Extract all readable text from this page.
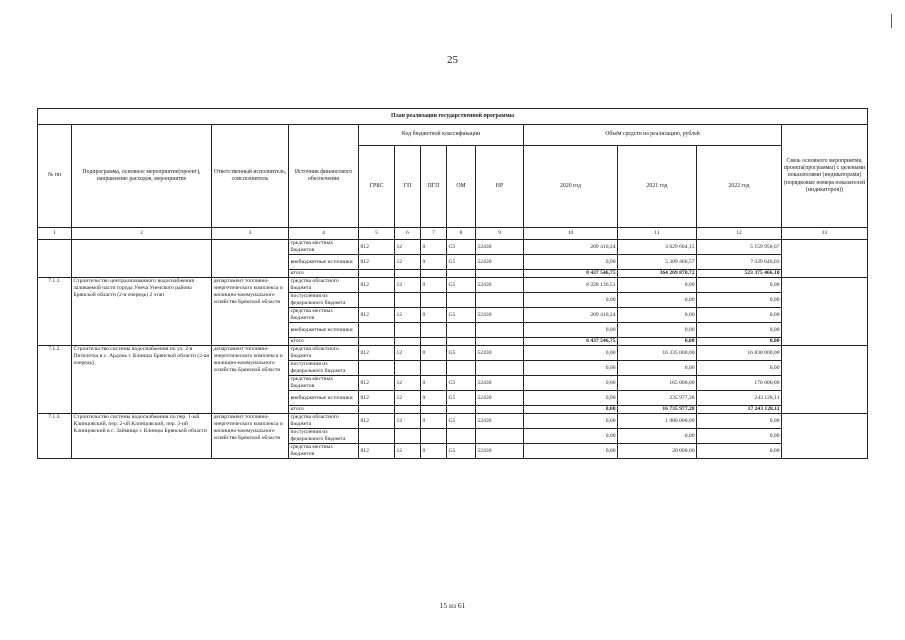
25
План реализации государственной программы												
№ пп	Подпрограмма, основное мероприятие(проект), направление расходов, мероприятие	Ответственный исполнитель, соисполнитель	Источник финансового обеспечения	Код бюджетной классификации					Объём средств на реализацию, рублей			Связь основного мероприятия, проекта(программы) с целевыми показателями (индикаторами) (порядковые номера показателей (индикаторов))
				ГРБС	ГП	ПГП	ОМ	НР	2020 год	2021 год	2022 год	
1	2	3	4	5	6	7	8	9	10	11	12	13
			средства местных бюджетов	812	12	0	G5	52430	209 410,24	3 629 604,15	5 159 958,07	
			внебюджетные источники	812	12	0	G5	52430	0,00	5 309 466,57	7 339 646,03	
			итого						8 437 546,75	364 269 878,72	523 375 466,10	
7.1.1.	Строительство централизованного водоснабжения заливаемой части города Унеча Унечского района Брянской области (2-я очередь) 2 этап	департамент топливно-энергетического комплекса и жилищно-коммунального хозяйства Брянской области	средства областного бюджета	812	12	0	G5	52430	8 228 136,51	0,00	0,00	
			поступления из федерального бюджета						0,00	0,00	0,00	
			средства местных бюджетов	812	12	0	G5	52430	209 410,24	0,00	0,00	
			внебюджетные источники						0,00	0,00	0,00	
			итого						8 437 546,75	0,00	0,00	
7.1.2.	Строительство системы водоснабжения по ул. 2-я Пятилетка в с. Ардонь г. Клинцы Брянской области (2-ая очередь)	департамент топливно-энергетического комплекса и жилищно-коммунального хозяйства Брянской области	средства областного бюджета	812	12	0	G5	52430	0,00	16 335 000,00	16 830 000,00	
			поступления из федерального бюджета						0,00	0,00	0,00	
			средства местных бюджетов	812	12	0	G5	52430	0,00	165 000,00	170 000,00	
			внебюджетные источники	812	12	0	G5	52430	0,00	235 977,28	243 128,11	
			итого						0,00	16 735 977,28	17 243 128,11	
7.1.3.	Строительство системы водоснабжения по пер. 1-ый Клинцовский, пер. 2-ой Клинцовский, пер. 3-ий Клинцовский в с. Займище г. Клинцы Брянской области	департамент топливно-энергетического комплекса и жилищно-коммунального хозяйства Брянской области	средства областного бюджета	812	12	0	G5	52430	0,00	1 980 000,00	0,00	
			поступления из федерального бюджета						0,00	0,00	0,00	
			средства местных бюджетов	812	12	0	G5	52430	0,00	20 000,00	0,00	
15 из 61
